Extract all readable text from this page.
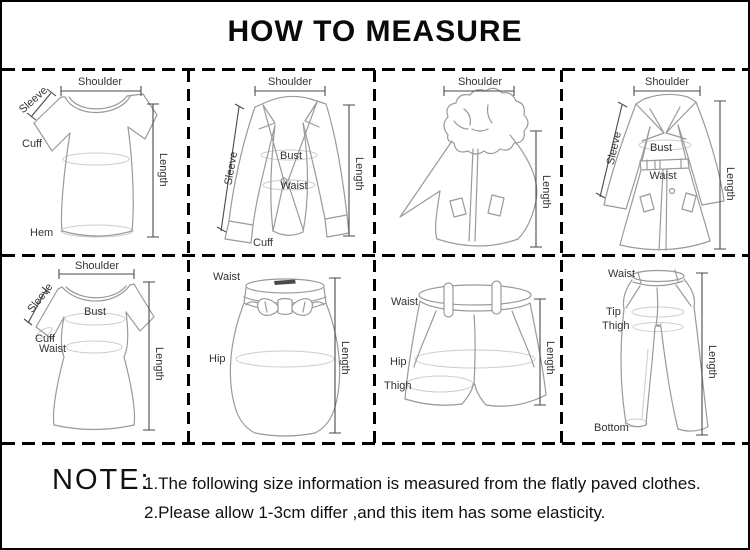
HOW TO MEASURE
Shoulder
Sleeve
Cuff
Hem
Length
Shoulder
Sleeve	Bust
Waist
Cuff
Length
Shoulder
Length
Shoulder
Sleeve Bust
Waist	Length
Shoulder
Sleeve	Bust
Cuff
Waist	Length
Waist
Hip	Length
Waist
Hip
Thigh
Length
Waist
Tip
Thigh
Bottom
Length
NOTE:
1.The following size information is measured from the flatly paved clothes.
2.Please allow 1-3cm differ ,and this item has some elasticity.
